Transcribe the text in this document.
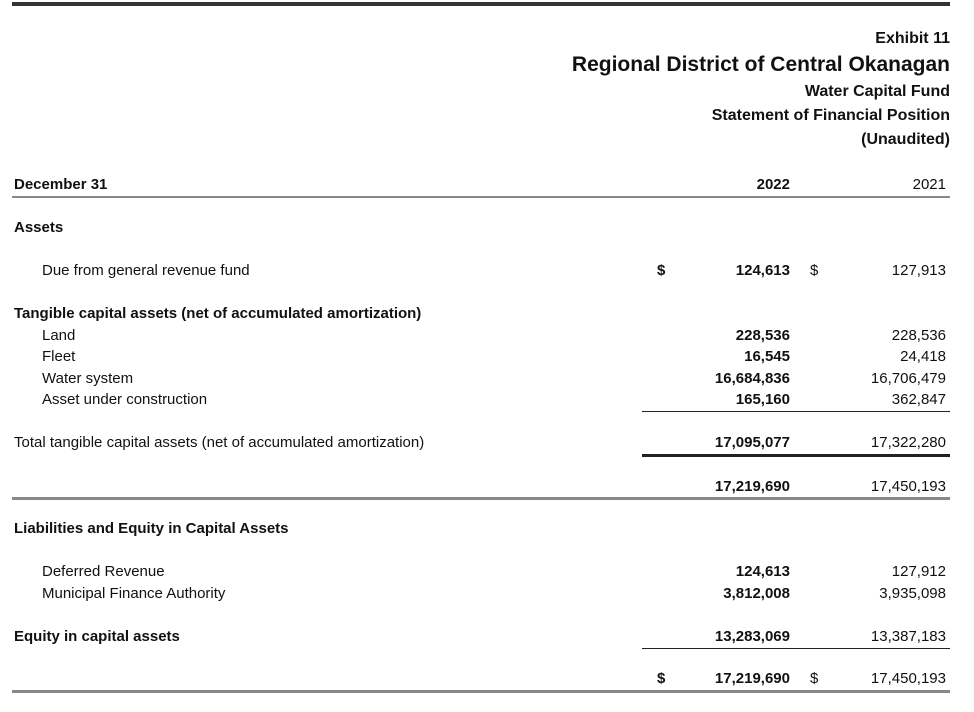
Exhibit 11
Regional District of Central Okanagan
Water Capital Fund
Statement of Financial Position
(Unaudited)
December 31	2022	2021
Assets
Due from general revenue fund	$	124,613 $	127,913
Tangible capital assets (net of accumulated amortization)
Land	228,536	228,536
Fleet	16,545	24,418
Water system	16,684,836	16,706,479
Asset under construction	165,160	362,847
Total tangible capital assets (net of accumulated amortization)	17,095,077	17,322,280
17,219,690	17,450,193
Liabilities and Equity in Capital Assets
Deferred Revenue	124,613	127,912
Municipal Finance Authority	3,812,008	3,935,098
Equity in capital assets	13,283,069	13,387,183
$	17,219,690 $	17,450,193
